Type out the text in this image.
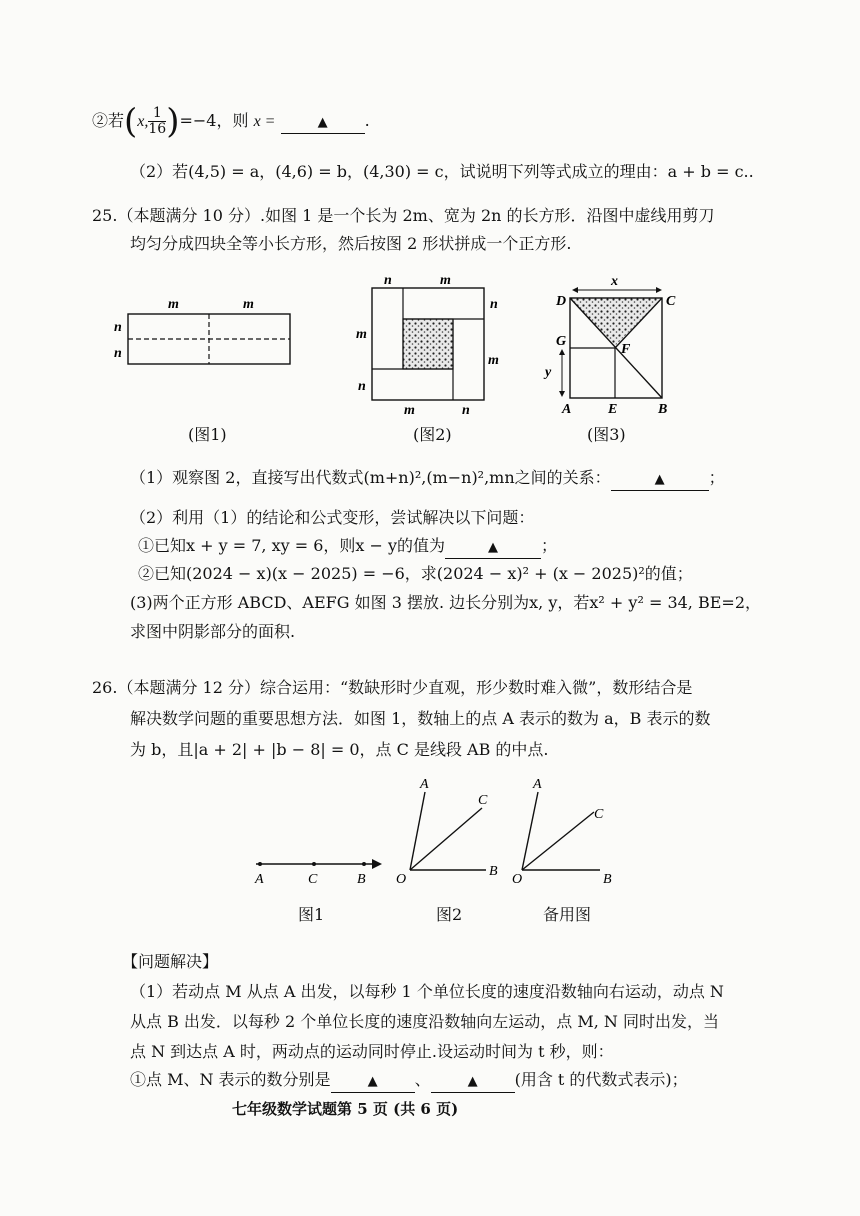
②若(x, $\frac{1}{16})=-4$，则 x =	▲ .
（2）若(4,5) = a，(4,6) = b，(4,30) = c，试说明下列等式成立的理由：a + b = c..
25.（本题满分 10 分）.如图 1 是一个长为 2m、宽为 2n 的长方形．沿图中虚线用剪刀
均匀分成四块全等小长方形，然后按图 2 形状拼成一个正方形.
m	m
n
n
n	m
n
m
m
n
m	n
x
y
D	C
G
F
A	E	B
(图1)	(图2)	(图3)
（1）观察图 2，直接写出代数式(m+n)²,(m−n)²,mn之间的关系：	▲	；
（2）利用（1）的结论和公式变形，尝试解决以下问题：
①已知x + y = 7, xy = 6，则x − y的值为	▲	；
②已知(2024 − x)(x − 2025) = −6，求(2024 − x)² + (x − 2025)²的值；
(3)两个正方形 ABCD、AEFG 如图 3 摆放. 边长分别为x, y，若x² + y² = 34, BE=2，
求图中阴影部分的面积.
26.（本题满分 12 分）综合运用：“数缺形时少直观，形少数时难入微”，数形结合是
解决数学问题的重要思想方法．如图 1，数轴上的点 A 表示的数为 a，B 表示的数
为 b，且|a + 2| + |b − 8| = 0，点 C 是线段 AB 的中点.
A	C	B
A
C
B
O
A
C
B
O
图1	图2	备用图
【问题解决】
（1）若动点 M 从点 A 出发，以每秒 1 个单位长度的速度沿数轴向右运动，动点 N
从点 B 出发．以每秒 2 个单位长度的速度沿数轴向左运动，点 M, N 同时出发，当
点 N 到达点 A 时，两动点的运动同时停止.设运动时间为 t 秒，则：
①点 M、N 表示的数分别是	▲ 、	▲ (用含 t 的代数式表示)；
七年级数学试题第 5 页 (共 6 页)
